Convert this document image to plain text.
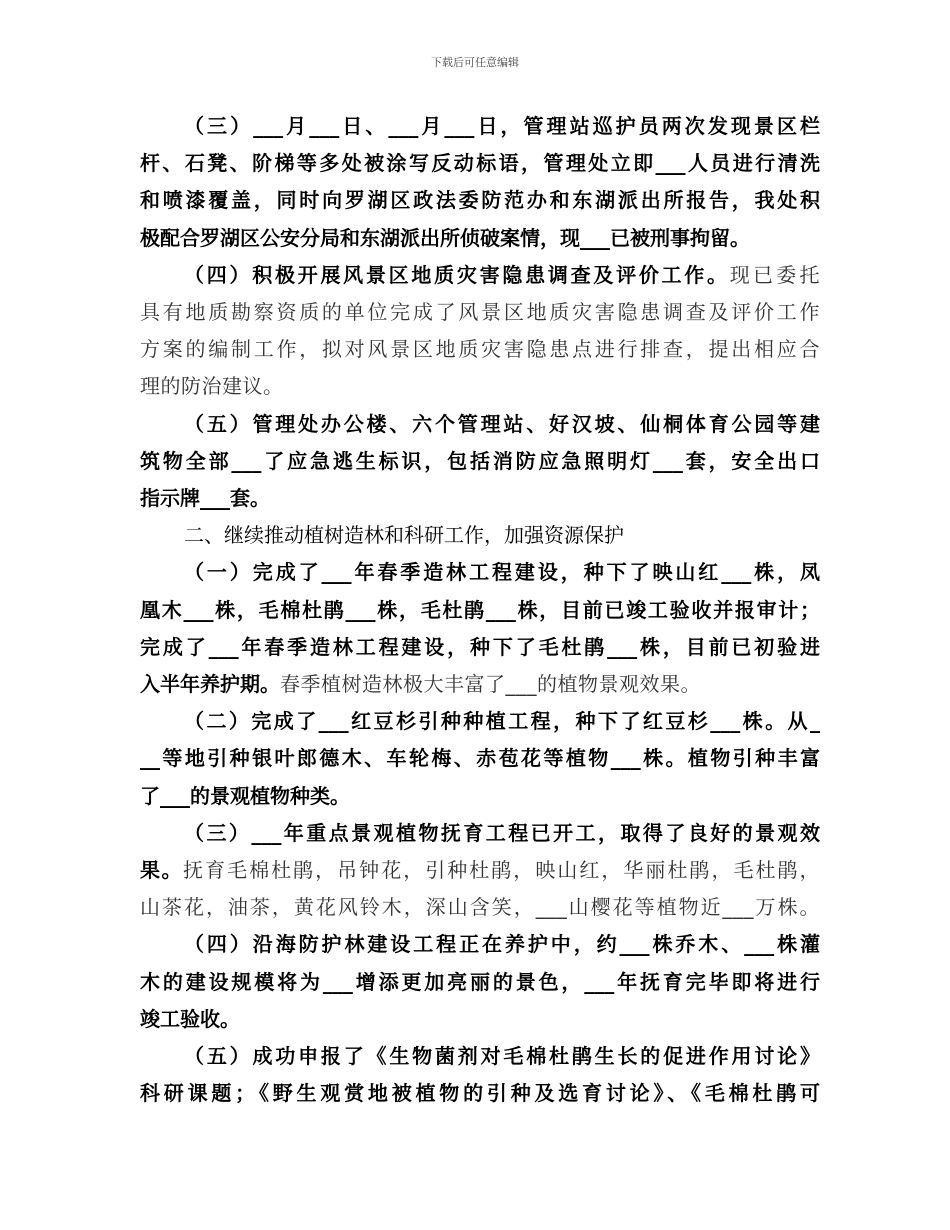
下载后可任意编辑
（三）___月___日、___月___日，管理站巡护员两次发现景区栏
杆、石凳、阶梯等多处被涂写反动标语，管理处立即___人员进行清洗
和喷漆覆盖，同时向罗湖区政法委防范办和东湖派出所报告，我处积
极配合罗湖区公安分局和东湖派出所侦破案情，现___已被刑事拘留。
（四）积极开展风景区地质灾害隐患调查及评价工作。现已委托
具有地质勘察资质的单位完成了风景区地质灾害隐患调查及评价工作
方案的编制工作，拟对风景区地质灾害隐患点进行排查，提出相应合
理的防治建议。
（五）管理处办公楼、六个管理站、好汉坡、仙桐体育公园等建
筑物全部___了应急逃生标识，包括消防应急照明灯___套，安全出口
指示牌___套。
二、继续推动植树造林和科研工作，加强资源保护
（一）完成了___年春季造林工程建设，种下了映山红___株，凤
凰木___株，毛棉杜鹃___株，毛杜鹃___株，目前已竣工验收并报审计；
完成了___年春季造林工程建设，种下了毛杜鹃___株，目前已初验进
入半年养护期。春季植树造林极大丰富了___的植物景观效果。
（二）完成了___红豆杉引种种植工程，种下了红豆杉___株。从_
__等地引种银叶郎德木、车轮梅、赤苞花等植物___株。植物引种丰富
了___的景观植物种类。
（三）___年重点景观植物抚育工程已开工，取得了良好的景观效
果。抚育毛棉杜鹃，吊钟花，引种杜鹃，映山红，华丽杜鹃，毛杜鹃，
山茶花，油茶，黄花风铃木，深山含笑，___山樱花等植物近___万株。
（四）沿海防护林建设工程正在养护中，约___株乔木、___株灌
木的建设规模将为___增添更加亮丽的景色，___年抚育完毕即将进行
竣工验收。
（五）成功申报了《生物菌剂对毛棉杜鹃生长的促进作用讨论》
科研课题；《野生观赏地被植物的引种及选育讨论》、《毛棉杜鹃可
